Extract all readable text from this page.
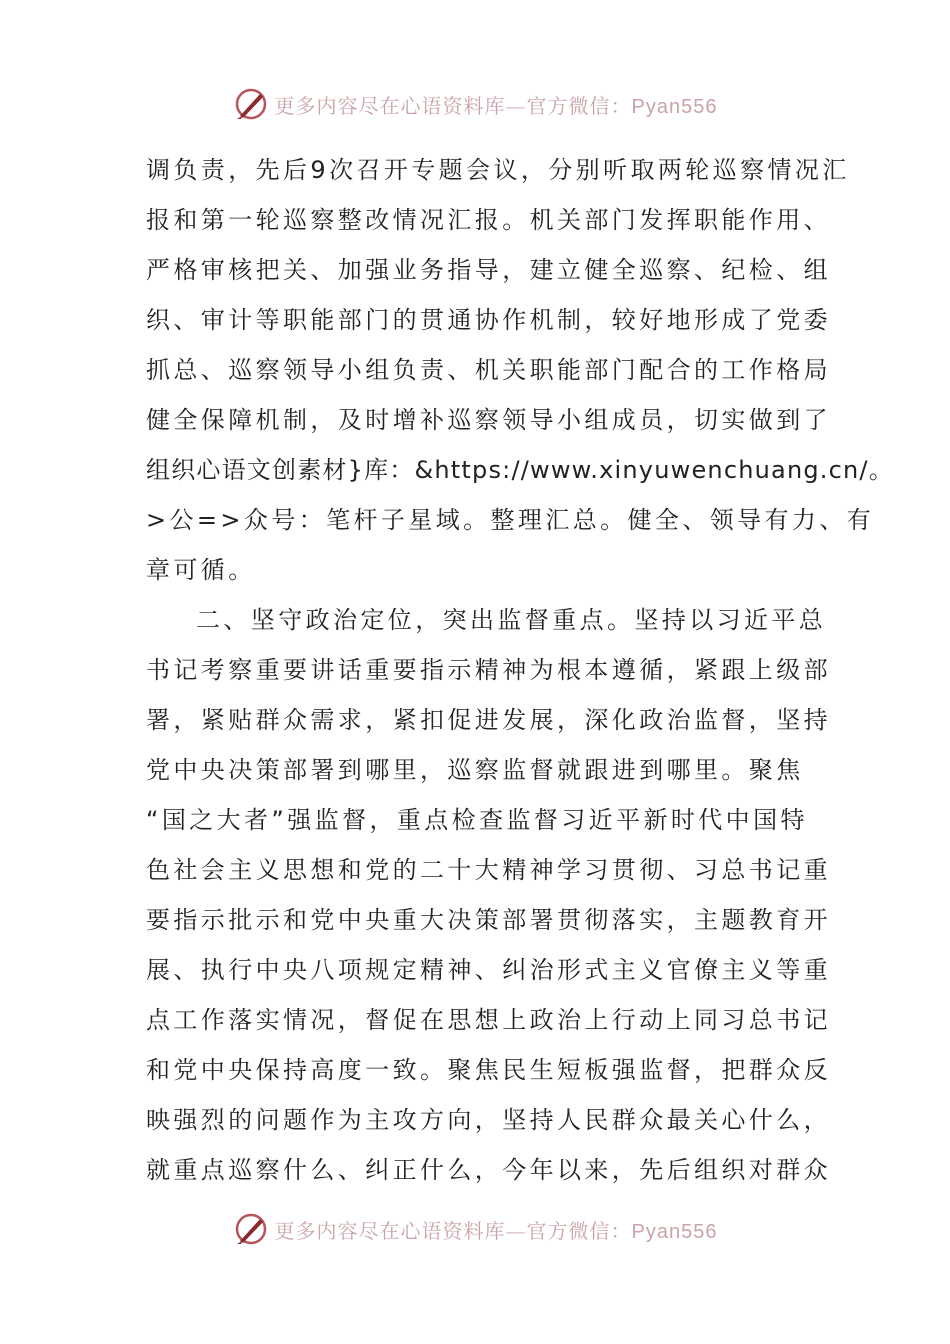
更多内容尽在心语资料库—官方微信：Pyan556
调负责，先后9次召开专题会议，分别听取两轮巡察情况汇
报和第一轮巡察整改情况汇报。机关部门发挥职能作用、
严格审核把关、加强业务指导，建立健全巡察、纪检、组
织、审计等职能部门的贯通协作机制，较好地形成了党委
抓总、巡察领导小组负责、机关职能部门配合的工作格局
健全保障机制，及时增补巡察领导小组成员，切实做到了
组织心语文创素材}库：&https://www.xinyuwenchuang.cn/。
>公=>众号：笔杆子星域。整理汇总。健全、领导有力、有
章可循。
二、坚守政治定位，突出监督重点。坚持以习近平总
书记考察重要讲话重要指示精神为根本遵循，紧跟上级部
署，紧贴群众需求，紧扣促进发展，深化政治监督，坚持
党中央决策部署到哪里，巡察监督就跟进到哪里。聚焦
“国之大者”强监督，重点检查监督习近平新时代中国特
色社会主义思想和党的二十大精神学习贯彻、习总书记重
要指示批示和党中央重大决策部署贯彻落实，主题教育开
展、执行中央八项规定精神、纠治形式主义官僚主义等重
点工作落实情况，督促在思想上政治上行动上同习总书记
和党中央保持高度一致。聚焦民生短板强监督，把群众反
映强烈的问题作为主攻方向，坚持人民群众最关心什么，
就重点巡察什么、纠正什么，今年以来，先后组织对群众
更多内容尽在心语资料库—官方微信：Pyan556
